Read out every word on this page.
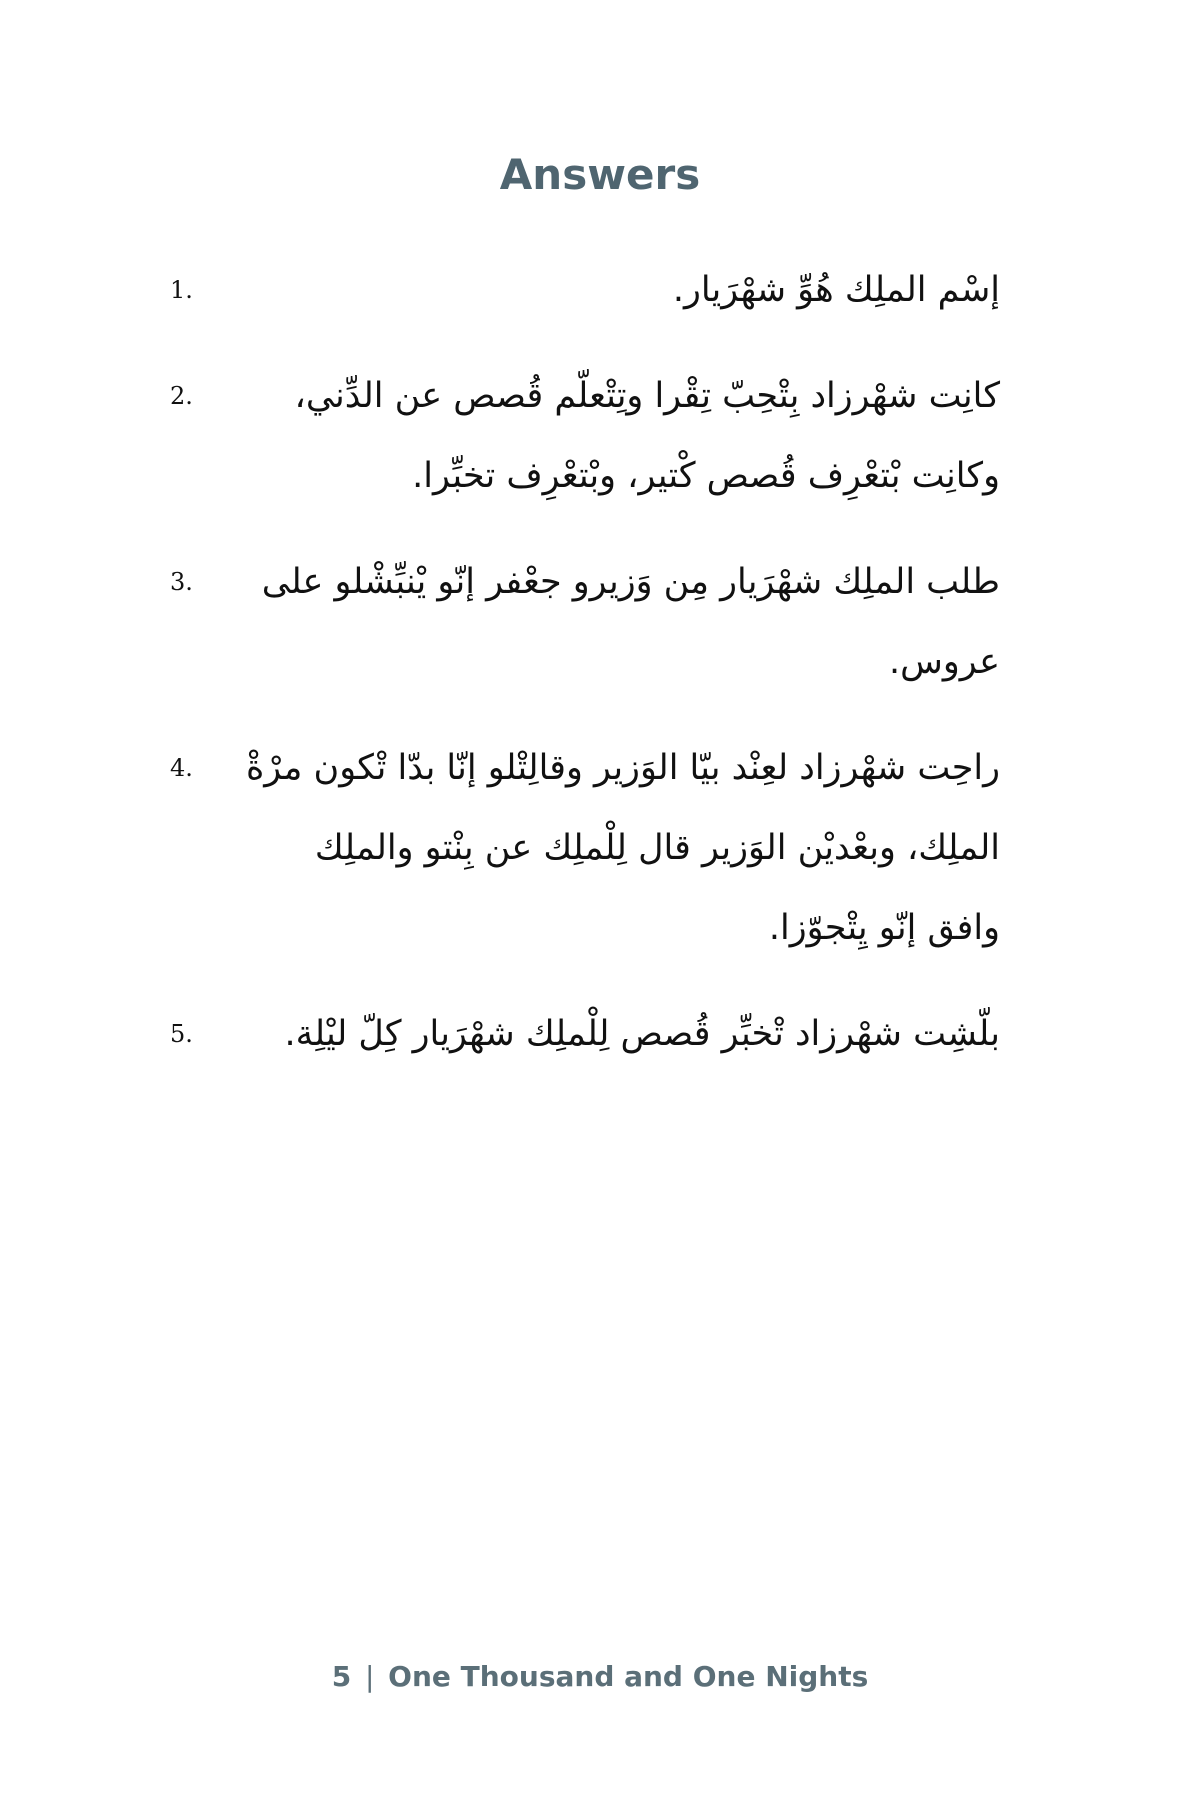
Answers
1.	إسْم الملِك هُوِّ شهْرَيار.
2.	كانِت شهْرزاد بِتْحِبّ تِقْرا وتِتْعلّم قُصص عن الدِّني،
وكانِت بْتعْرِف قُصص كْتير، وبْتعْرِف تخبِّرا.
3.	طلب الملِك شهْرَيار مِن وَزيرو جعْفر إنّو يْنبِّشْلو على
عروس.
4.	راحِت شهْرزاد لعِنْد بيّا الوَزير وقالِتْلو إنّا بدّا تْكون مرْةْ
الملِك، وبعْديْن الوَزير قال لِلْملِك عن بِنْتو والملِك
وافق إنّو يِتْجوّزا.
5.	بلّشِت شهْرزاد تْخبِّر قُصص لِلْملِك شهْرَيار كِلّ ليْلِة.
5 | One Thousand and One Nights
